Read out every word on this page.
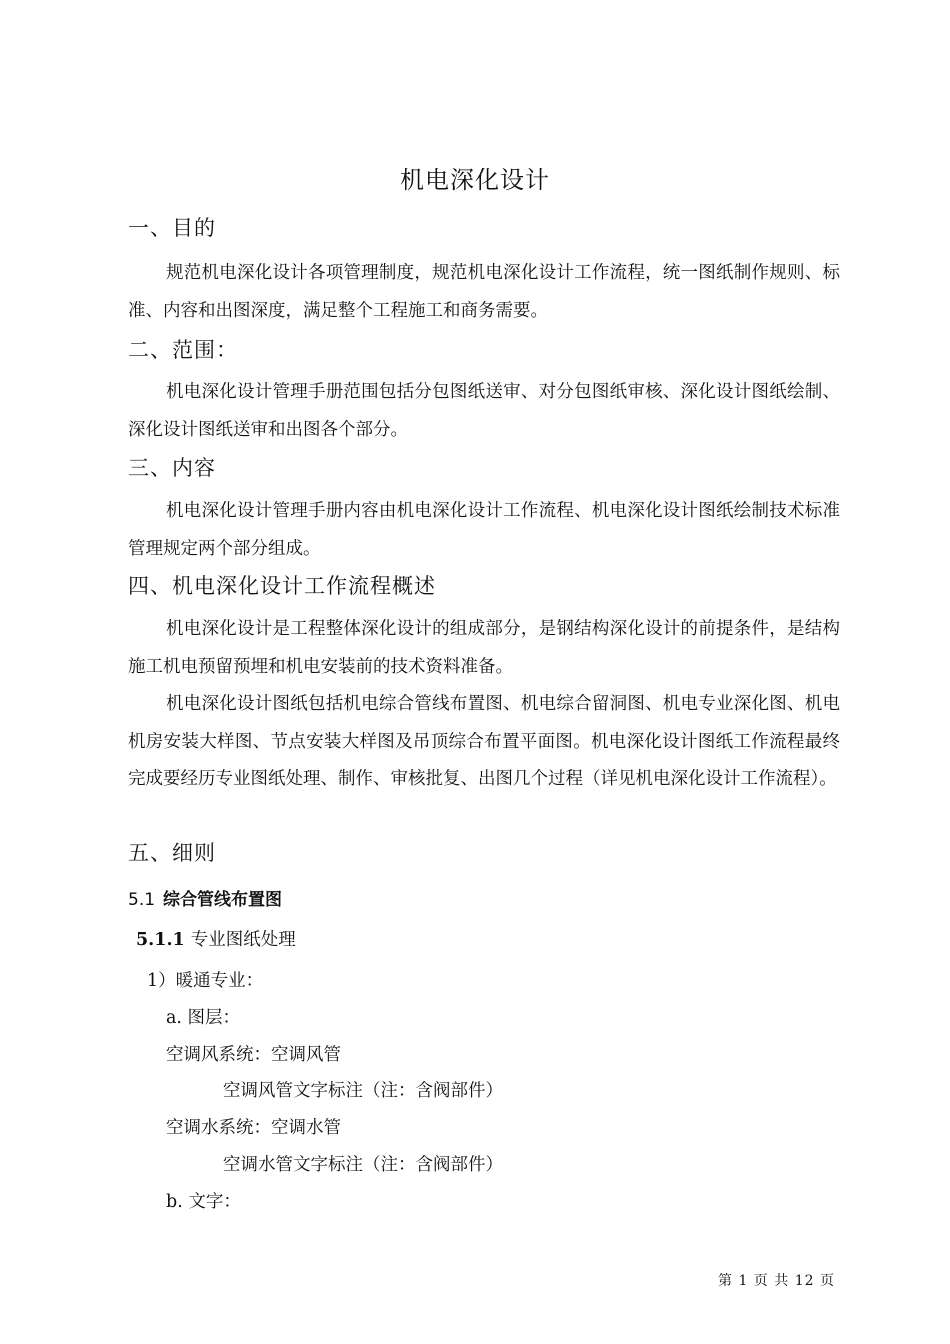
机电深化设计
一、目的

规范机电深化设计各项管理制度，规范机电深化设计工作流程，统一图纸制作规则、标准、内容和出图深度，满足整个工程施工和商务需要。

二、范围：

机电深化设计管理手册范围包括分包图纸送审、对分包图纸审核、深化设计图纸绘制、深化设计图纸送审和出图各个部分。

三、内容

机电深化设计管理手册内容由机电深化设计工作流程、机电深化设计图纸绘制技术标准管理规定两个部分组成。

四、机电深化设计工作流程概述

机电深化设计是工程整体深化设计的组成部分，是钢结构深化设计的前提条件，是结构施工机电预留预埋和机电安装前的技术资料准备。

机电深化设计图纸包括机电综合管线布置图、机电综合留洞图、机电专业深化图、机电机房安装大样图、节点安装大样图及吊顶综合布置平面图。机电深化设计图纸工作流程最终完成要经历专业图纸处理、制作、审核批复、出图几个过程（详见机电深化设计工作流程）。

五、细则
5.1 综合管线布置图
5.1.1 专业图纸处理
1）暖通专业：
a. 图层：
空调风系统：空调风管
空调风管文字标注（注：含阀部件）
空调水系统：空调水管
空调水管文字标注（注：含阀部件）
b. 文字：
第 1 页 共 12 页
